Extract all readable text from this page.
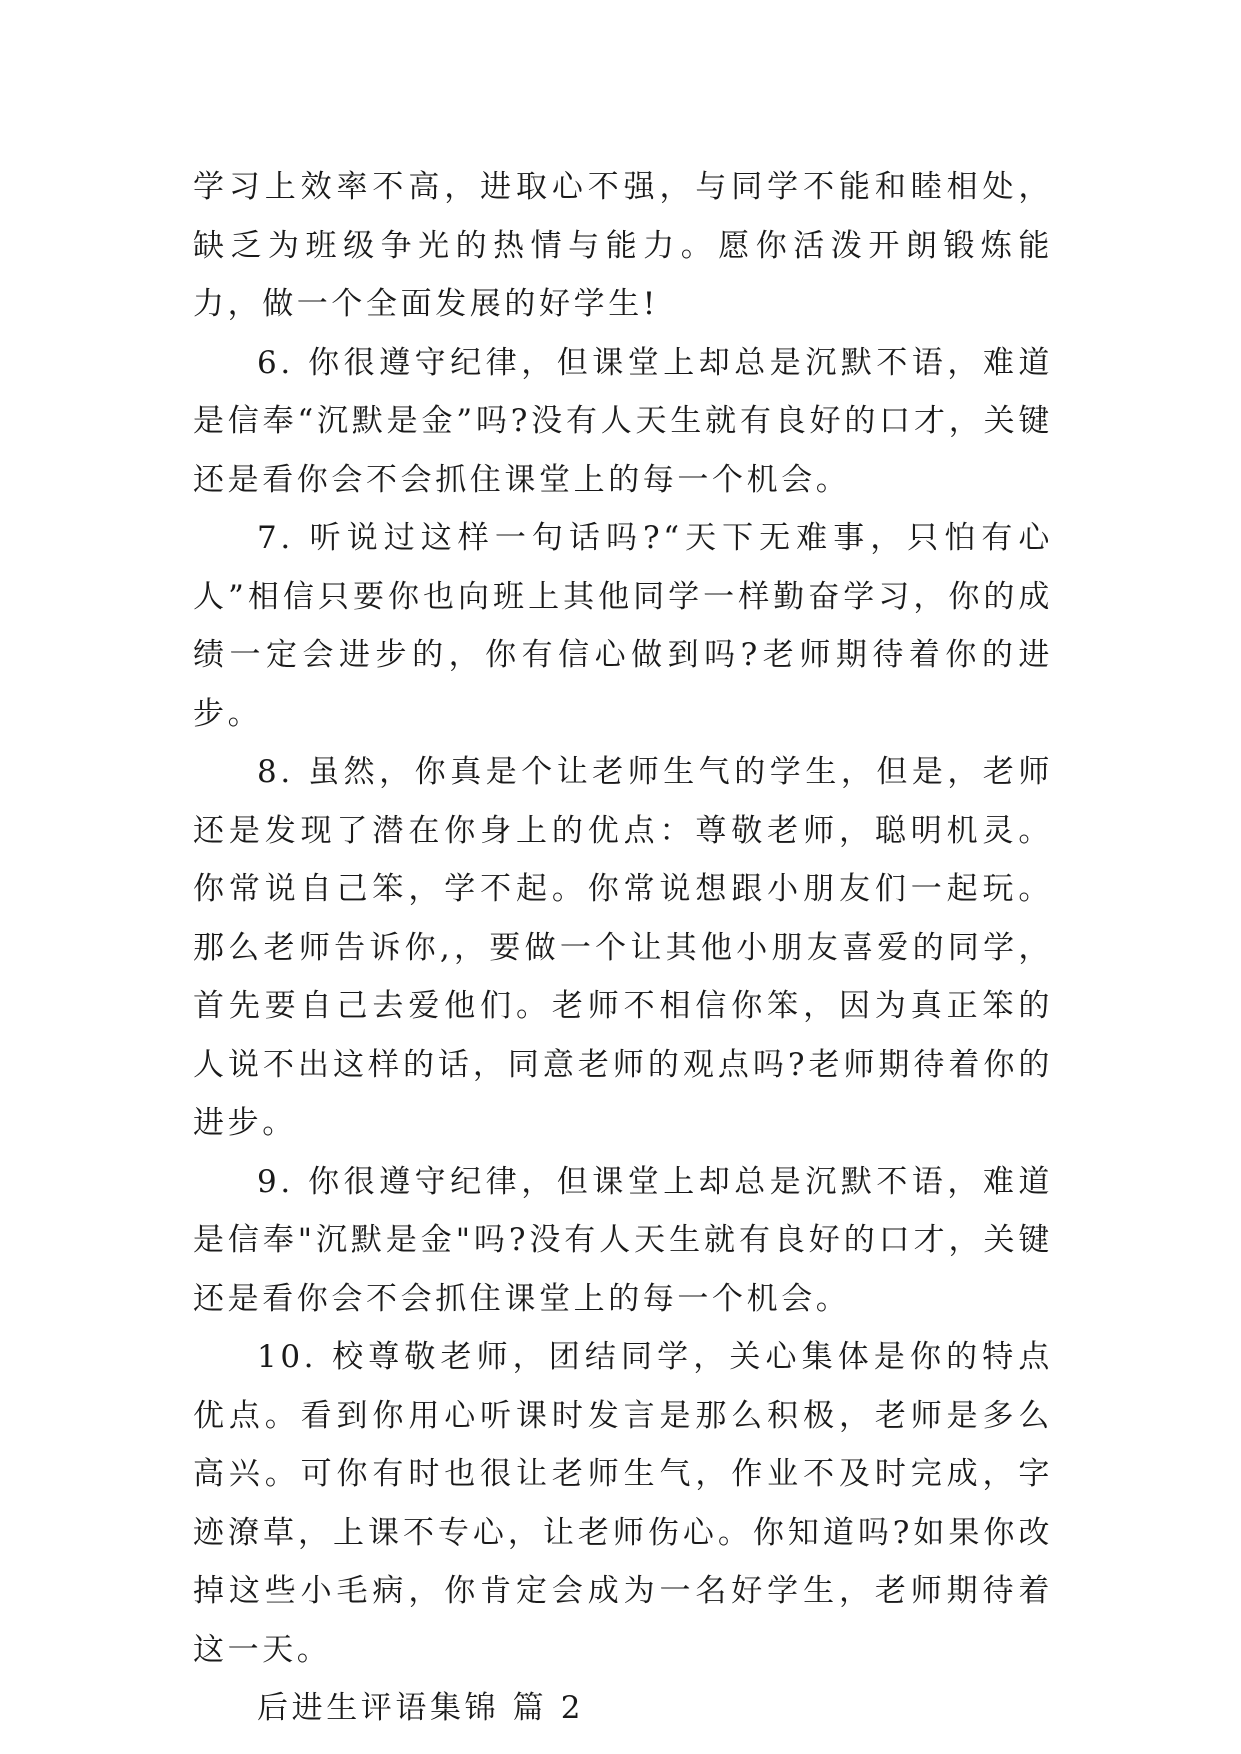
学习上效率不高，进取心不强，与同学不能和睦相处，缺乏为班级争光的热情与能力。愿你活泼开朗锻炼能力，做一个全面发展的好学生!

6. 你很遵守纪律，但课堂上却总是沉默不语，难道是信奉“沉默是金”吗?没有人天生就有良好的口才，关键还是看你会不会抓住课堂上的每一个机会。

7. 听说过这样一句话吗?“天下无难事，只怕有心人”相信只要你也向班上其他同学一样勤奋学习，你的成绩一定会进步的，你有信心做到吗?老师期待着你的进步。

8. 虽然，你真是个让老师生气的学生，但是，老师还是发现了潜在你身上的优点：尊敬老师，聪明机灵。你常说自己笨，学不起。你常说想跟小朋友们一起玩。那么老师告诉你,，要做一个让其他小朋友喜爱的同学，首先要自己去爱他们。老师不相信你笨，因为真正笨的人说不出这样的话，同意老师的观点吗?老师期待着你的进步。

9. 你很遵守纪律，但课堂上却总是沉默不语，难道是信奉"沉默是金"吗?没有人天生就有良好的口才，关键还是看你会不会抓住课堂上的每一个机会。

10. 校尊敬老师，团结同学，关心集体是你的特点优点。看到你用心听课时发言是那么积极，老师是多么高兴。可你有时也很让老师生气，作业不及时完成，字迹潦草，上课不专心，让老师伤心。你知道吗?如果你改掉这些小毛病，你肯定会成为一名好学生，老师期待着这一天。

后进生评语集锦 篇 2
